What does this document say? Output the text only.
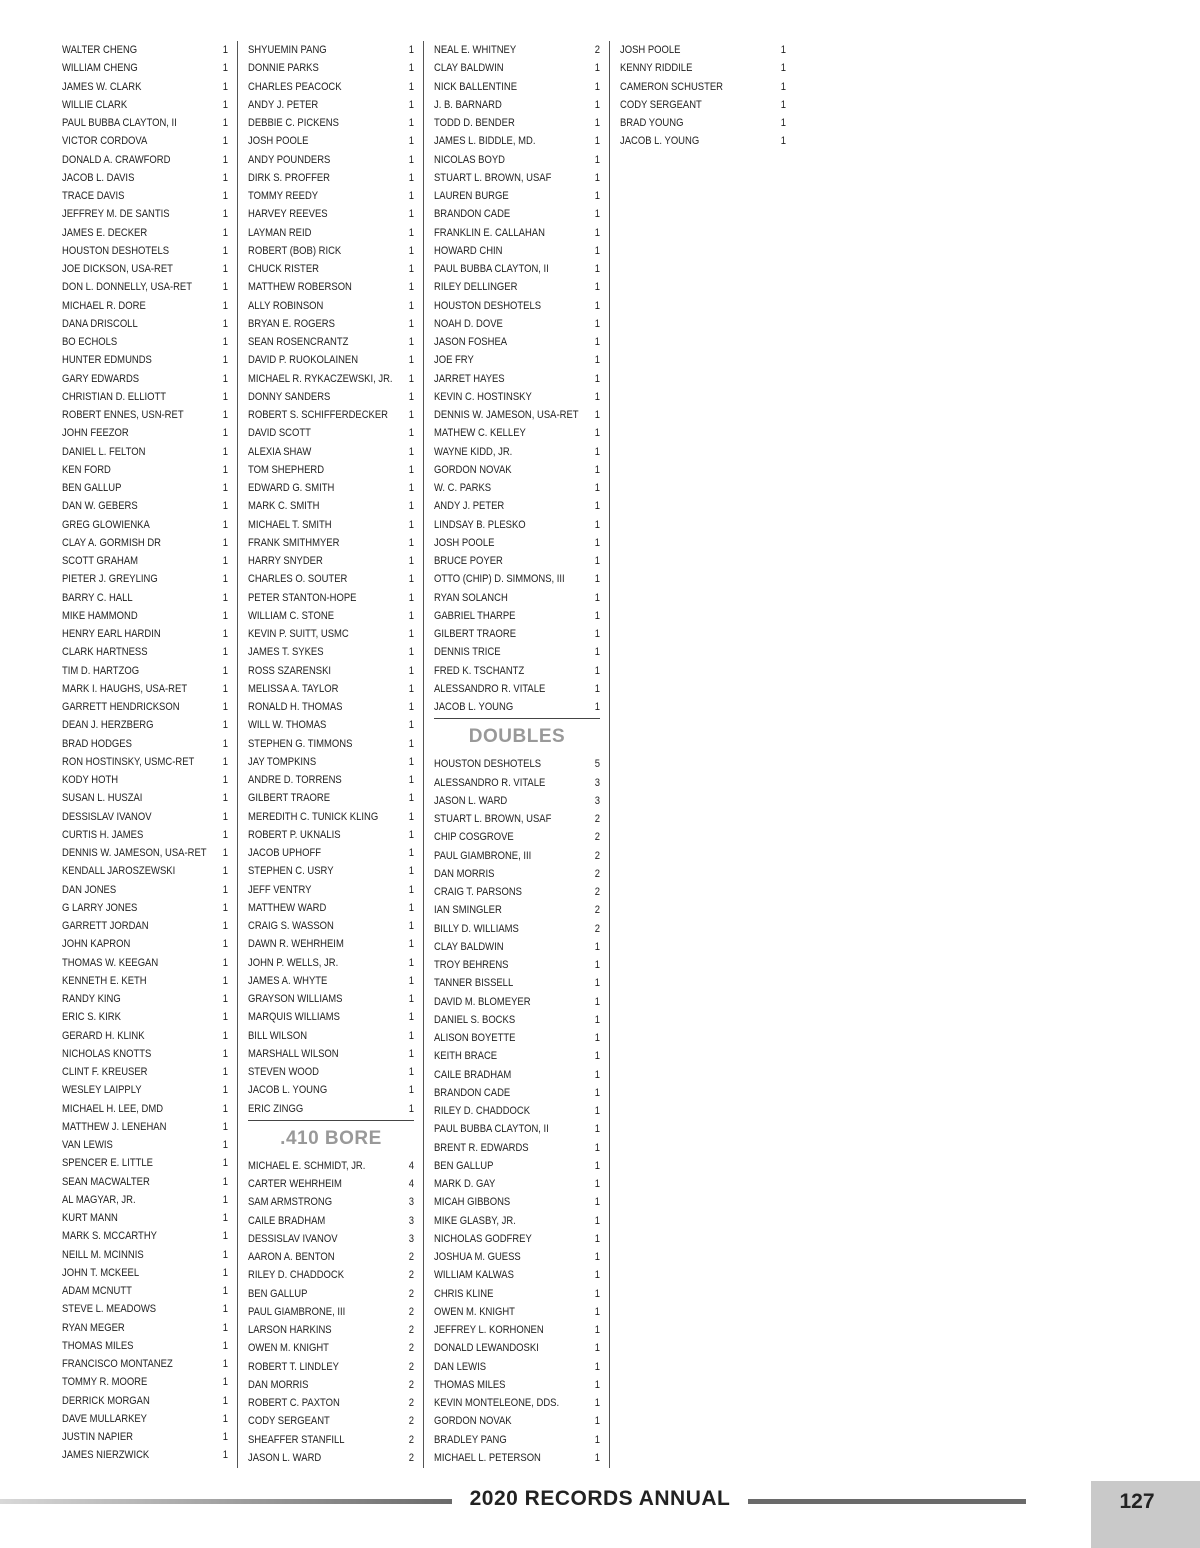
WALTER CHENG	1
WILLIAM CHENG	1
JAMES W. CLARK	1
WILLIE CLARK	1
PAUL BUBBA CLAYTON, II	1
VICTOR CORDOVA	1
DONALD A. CRAWFORD	1
JACOB L. DAVIS	1
TRACE DAVIS	1
JEFFREY M. DE SANTIS	1
JAMES E. DECKER	1
HOUSTON DESHOTELS	1
JOE DICKSON, USA-RET	1
DON L. DONNELLY, USA-RET	1
MICHAEL R. DORE	1
DANA DRISCOLL	1
BO ECHOLS	1
HUNTER EDMUNDS	1
GARY EDWARDS	1
CHRISTIAN D. ELLIOTT	1
ROBERT ENNES, USN-RET	1
JOHN FEEZOR	1
DANIEL L. FELTON	1
KEN FORD	1
BEN GALLUP	1
DAN W. GEBERS	1
GREG GLOWIENKA	1
CLAY A. GORMISH DR	1
SCOTT GRAHAM	1
PIETER J. GREYLING	1
BARRY C. HALL	1
MIKE HAMMOND	1
HENRY EARL HARDIN	1
CLARK HARTNESS	1
TIM D. HARTZOG	1
MARK I. HAUGHS, USA-RET	1
GARRETT HENDRICKSON	1
DEAN J. HERZBERG	1
BRAD HODGES	1
RON HOSTINSKY, USMC-RET	1
KODY HOTH	1
SUSAN L. HUSZAI	1
DESSISLAV IVANOV	1
CURTIS H. JAMES	1
DENNIS W. JAMESON, USA-RET 1
KENDALL JAROSZEWSKI	1
DAN JONES	1
G LARRY JONES	1
GARRETT JORDAN	1
JOHN KAPRON	1
THOMAS W. KEEGAN	1
KENNETH E. KETH	1
RANDY KING	1
ERIC S. KIRK	1
GERARD H. KLINK	1
NICHOLAS KNOTTS	1
CLINT F. KREUSER	1
WESLEY LAIPPLY	1
MICHAEL H. LEE, DMD	1
MATTHEW J. LENEHAN	1
VAN LEWIS	1
SPENCER E. LITTLE	1
SEAN MACWALTER	1
AL MAGYAR, JR.	1
KURT MANN	1
MARK S. MCCARTHY	1
NEILL M. MCINNIS	1
JOHN T. MCKEEL	1
ADAM MCNUTT	1
STEVE L. MEADOWS	1
RYAN MEGER	1
THOMAS MILES	1
FRANCISCO MONTANEZ	1
TOMMY R. MOORE	1
DERRICK MORGAN	1
DAVE MULLARKEY	1
JUSTIN NAPIER	1
JAMES NIERZWICK	1
SHYUEMIN PANG	1
DONNIE PARKS	1
CHARLES PEACOCK	1
ANDY J. PETER	1
DEBBIE C. PICKENS	1
JOSH POOLE	1
ANDY POUNDERS	1
DIRK S. PROFFER	1
TOMMY REEDY	1
HARVEY REEVES	1
LAYMAN REID	1
ROBERT (BOB) RICK	1
CHUCK RISTER	1
MATTHEW ROBERSON	1
ALLY ROBINSON	1
BRYAN E. ROGERS	1
SEAN ROSENCRANTZ	1
DAVID P. RUOKOLAINEN	1
MICHAEL R. RYKACZEWSKI, JR. 1
DONNY SANDERS	1
ROBERT S. SCHIFFERDECKER 1
DAVID SCOTT	1
ALEXIA SHAW	1
TOM SHEPHERD	1
EDWARD G. SMITH	1
MARK C. SMITH	1
MICHAEL T. SMITH	1
FRANK SMITHMYER	1
HARRY SNYDER	1
CHARLES O. SOUTER	1
PETER STANTON-HOPE	1
WILLIAM C. STONE	1
KEVIN P. SUITT, USMC	1
JAMES T. SYKES	1
ROSS SZARENSKI	1
MELISSA A. TAYLOR	1
RONALD H. THOMAS	1
WILL W. THOMAS	1
STEPHEN G. TIMMONS	1
JAY TOMPKINS	1
ANDRE D. TORRENS	1
GILBERT TRAORE	1
MEREDITH C. TUNICK KLING	1
ROBERT P. UKNALIS	1
JACOB UPHOFF	1
STEPHEN C. USRY	1
JEFF VENTRY	1
MATTHEW WARD	1
CRAIG S. WASSON	1
DAWN R. WEHRHEIM	1
JOHN P. WELLS, JR.	1
JAMES A. WHYTE	1
GRAYSON WILLIAMS	1
MARQUIS WILLIAMS	1
BILL WILSON	1
MARSHALL WILSON	1
STEVEN WOOD	1
JACOB L. YOUNG	1
ERIC ZINGG	1
.410 BORE
MICHAEL E. SCHMIDT, JR.	4
CARTER WEHRHEIM	4
SAM ARMSTRONG	3
CAILE BRADHAM	3
DESSISLAV IVANOV	3
AARON A. BENTON	2
RILEY D. CHADDOCK	2
BEN GALLUP	2
PAUL GIAMBRONE, III	2
LARSON HARKINS	2
OWEN M. KNIGHT	2
ROBERT T. LINDLEY	2
DAN MORRIS	2
ROBERT C. PAXTON	2
CODY SERGEANT	2
SHEAFFER STANFILL	2
JASON L. WARD	2
NEAL E. WHITNEY	2
CLAY BALDWIN	1
NICK BALLENTINE	1
J. B. BARNARD	1
TODD D. BENDER	1
JAMES L. BIDDLE, MD.	1
NICOLAS BOYD	1
STUART L. BROWN, USAF	1
LAUREN BURGE	1
BRANDON CADE	1
FRANKLIN E. CALLAHAN	1
HOWARD CHIN	1
PAUL BUBBA CLAYTON, II	1
RILEY DELLINGER	1
HOUSTON DESHOTELS	1
NOAH D. DOVE	1
JASON FOSHEA	1
JOE FRY	1
JARRET HAYES	1
KEVIN C. HOSTINSKY	1
DENNIS W. JAMESON, USA-RET 1
MATHEW C. KELLEY	1
WAYNE KIDD, JR.	1
GORDON NOVAK	1
W. C. PARKS	1
ANDY J. PETER	1
LINDSAY B. PLESKO	1
JOSH POOLE	1
BRUCE POYER	1
OTTO (CHIP) D. SIMMONS, III	1
RYAN SOLANCH	1
GABRIEL THARPE	1
GILBERT TRAORE	1
DENNIS TRICE	1
FRED K. TSCHANTZ	1
ALESSANDRO R. VITALE	1
JACOB L. YOUNG	1
DOUBLES
HOUSTON DESHOTELS	5
ALESSANDRO R. VITALE	3
JASON L. WARD	3
STUART L. BROWN, USAF	2
CHIP COSGROVE	2
PAUL GIAMBRONE, III	2
DAN MORRIS	2
CRAIG T. PARSONS	2
IAN SMINGLER	2
BILLY D. WILLIAMS	2
CLAY BALDWIN	1
TROY BEHRENS	1
TANNER BISSELL	1
DAVID M. BLOMEYER	1
DANIEL S. BOCKS	1
ALISON BOYETTE	1
KEITH BRACE	1
CAILE BRADHAM	1
BRANDON CADE	1
RILEY D. CHADDOCK	1
PAUL BUBBA CLAYTON, II	1
BRENT R. EDWARDS	1
BEN GALLUP	1
MARK D. GAY	1
MICAH GIBBONS	1
MIKE GLASBY, JR.	1
NICHOLAS GODFREY	1
JOSHUA M. GUESS	1
WILLIAM KALWAS	1
CHRIS KLINE	1
OWEN M. KNIGHT	1
JEFFREY L. KORHONEN	1
DONALD LEWANDOSKI	1
DAN LEWIS	1
THOMAS MILES	1
KEVIN MONTELEONE, DDS.	1
GORDON NOVAK	1
BRADLEY PANG	1
MICHAEL L. PETERSON	1
JOSH POOLE	1
KENNY RIDDILE	1
CAMERON SCHUSTER	1
CODY SERGEANT	1
BRAD YOUNG	1
JACOB L. YOUNG	1
2020 RECORDS ANNUAL	127
